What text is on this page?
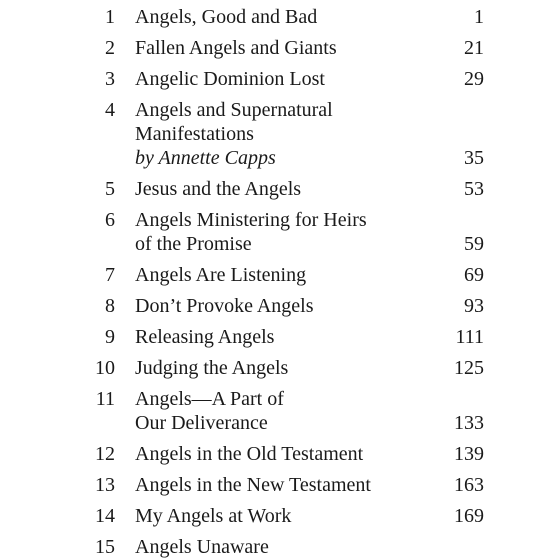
1 Angels, Good and Bad	1
2 Fallen Angels and Giants	21
3 Angelic Dominion Lost	29
4 Angels and Supernatural
Manifestations
by Annette Capps	35
5 Jesus and the Angels	53
6 Angels Ministering for Heirs
of the Promise	59
7 Angels Are Listening	69
8 Don’t Provoke Angels	93
9 Releasing Angels	111
10 Judging the Angels	125
11 Angels—A Part of
Our Deliverance	133
12 Angels in the Old Testament	139
13 Angels in the New Testament	163
14 My Angels at Work	169
15 Angels Unaware
